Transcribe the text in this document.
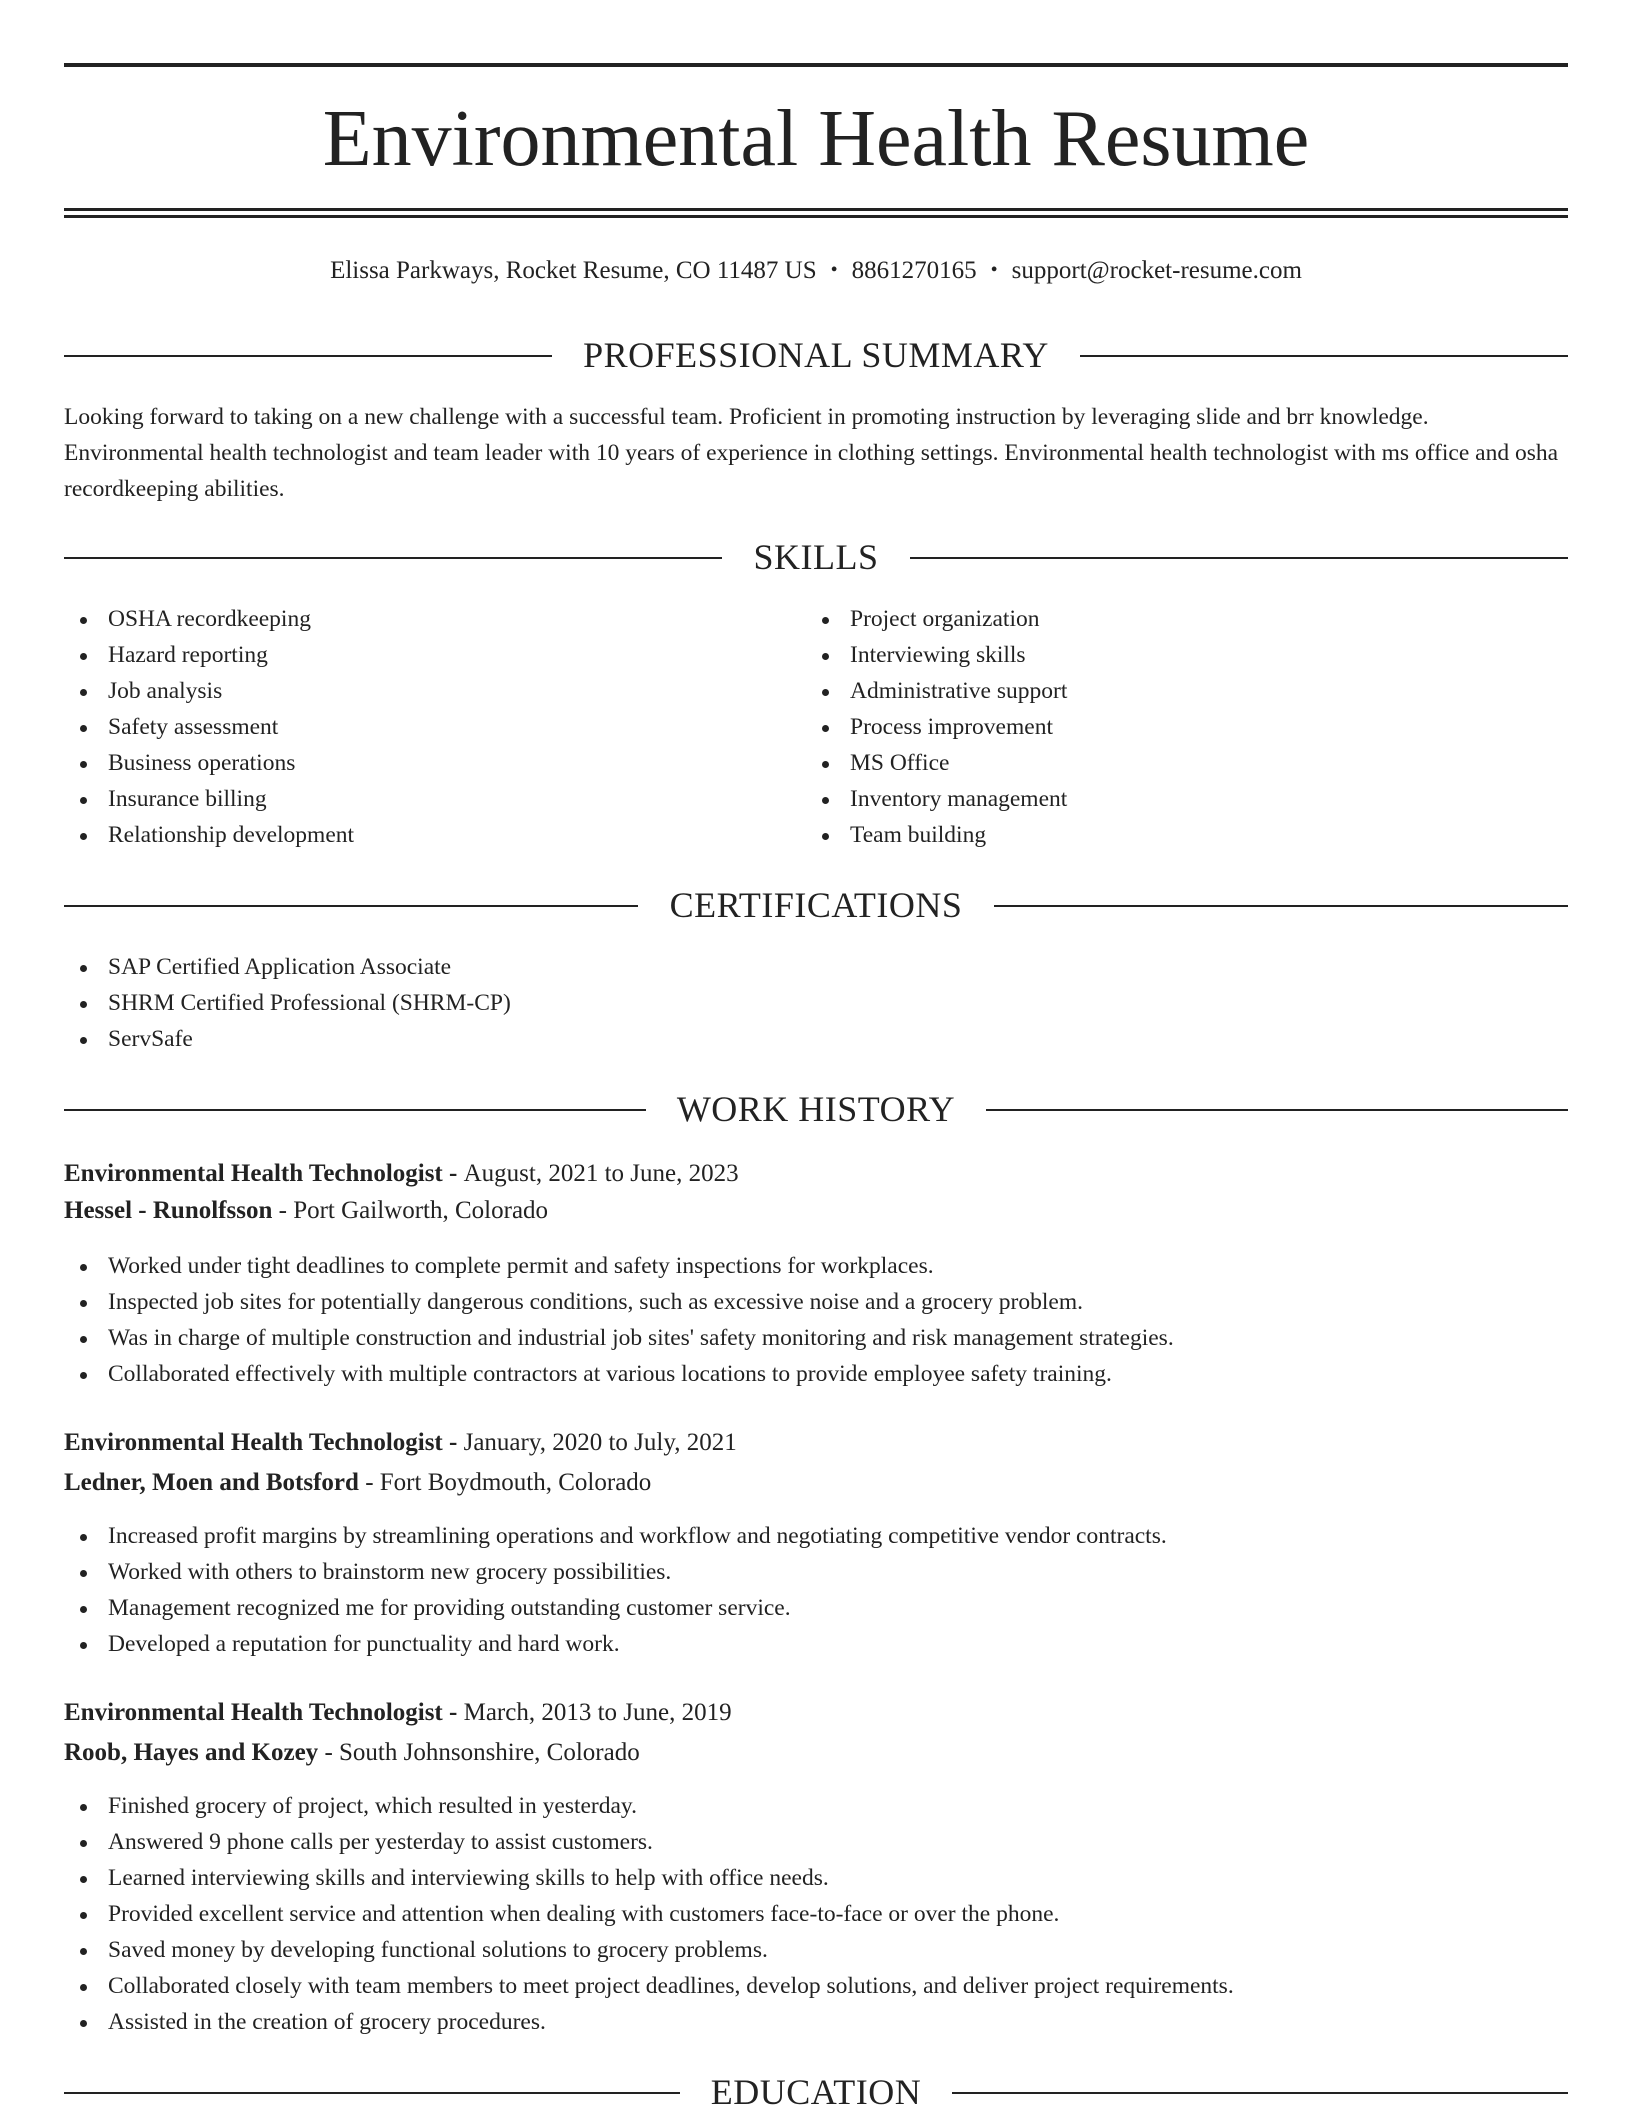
Environmental Health Resume
Elissa Parkways, Rocket Resume, CO 11487 US • 8861270165 • support@rocket-resume.com
PROFESSIONAL SUMMARY

Looking forward to taking on a new challenge with a successful team. Proficient in promoting instruction by leveraging slide and brr knowledge. Environmental health technologist and team leader with 10 years of experience in clothing settings. Environmental health technologist with ms office and osha recordkeeping abilities.

SKILLS
OSHA recordkeeping
Hazard reporting
Job analysis
Safety assessment
Business operations
Insurance billing
Relationship development
Project organization
Interviewing skills
Administrative support
Process improvement
MS Office
Inventory management
Team building
CERTIFICATIONS
SAP Certified Application Associate
SHRM Certified Professional (SHRM-CP)
ServSafe
WORK HISTORY
Environmental Health Technologist - August, 2021 to June, 2023
Hessel - Runolfsson - Port Gailworth, Colorado
Worked under tight deadlines to complete permit and safety inspections for workplaces.
Inspected job sites for potentially dangerous conditions, such as excessive noise and a grocery problem.
Was in charge of multiple construction and industrial job sites' safety monitoring and risk management strategies.
Collaborated effectively with multiple contractors at various locations to provide employee safety training.
Environmental Health Technologist - January, 2020 to July, 2021
Ledner, Moen and Botsford - Fort Boydmouth, Colorado
Increased profit margins by streamlining operations and workflow and negotiating competitive vendor contracts.
Worked with others to brainstorm new grocery possibilities.
Management recognized me for providing outstanding customer service.
Developed a reputation for punctuality and hard work.
Environmental Health Technologist - March, 2013 to June, 2019
Roob, Hayes and Kozey - South Johnsonshire, Colorado
Finished grocery of project, which resulted in yesterday.
Answered 9 phone calls per yesterday to assist customers.
Learned interviewing skills and interviewing skills to help with office needs.
Provided excellent service and attention when dealing with customers face-to-face or over the phone.
Saved money by developing functional solutions to grocery problems.
Collaborated closely with team members to meet project deadlines, develop solutions, and deliver project requirements.
Assisted in the creation of grocery procedures.
EDUCATION
